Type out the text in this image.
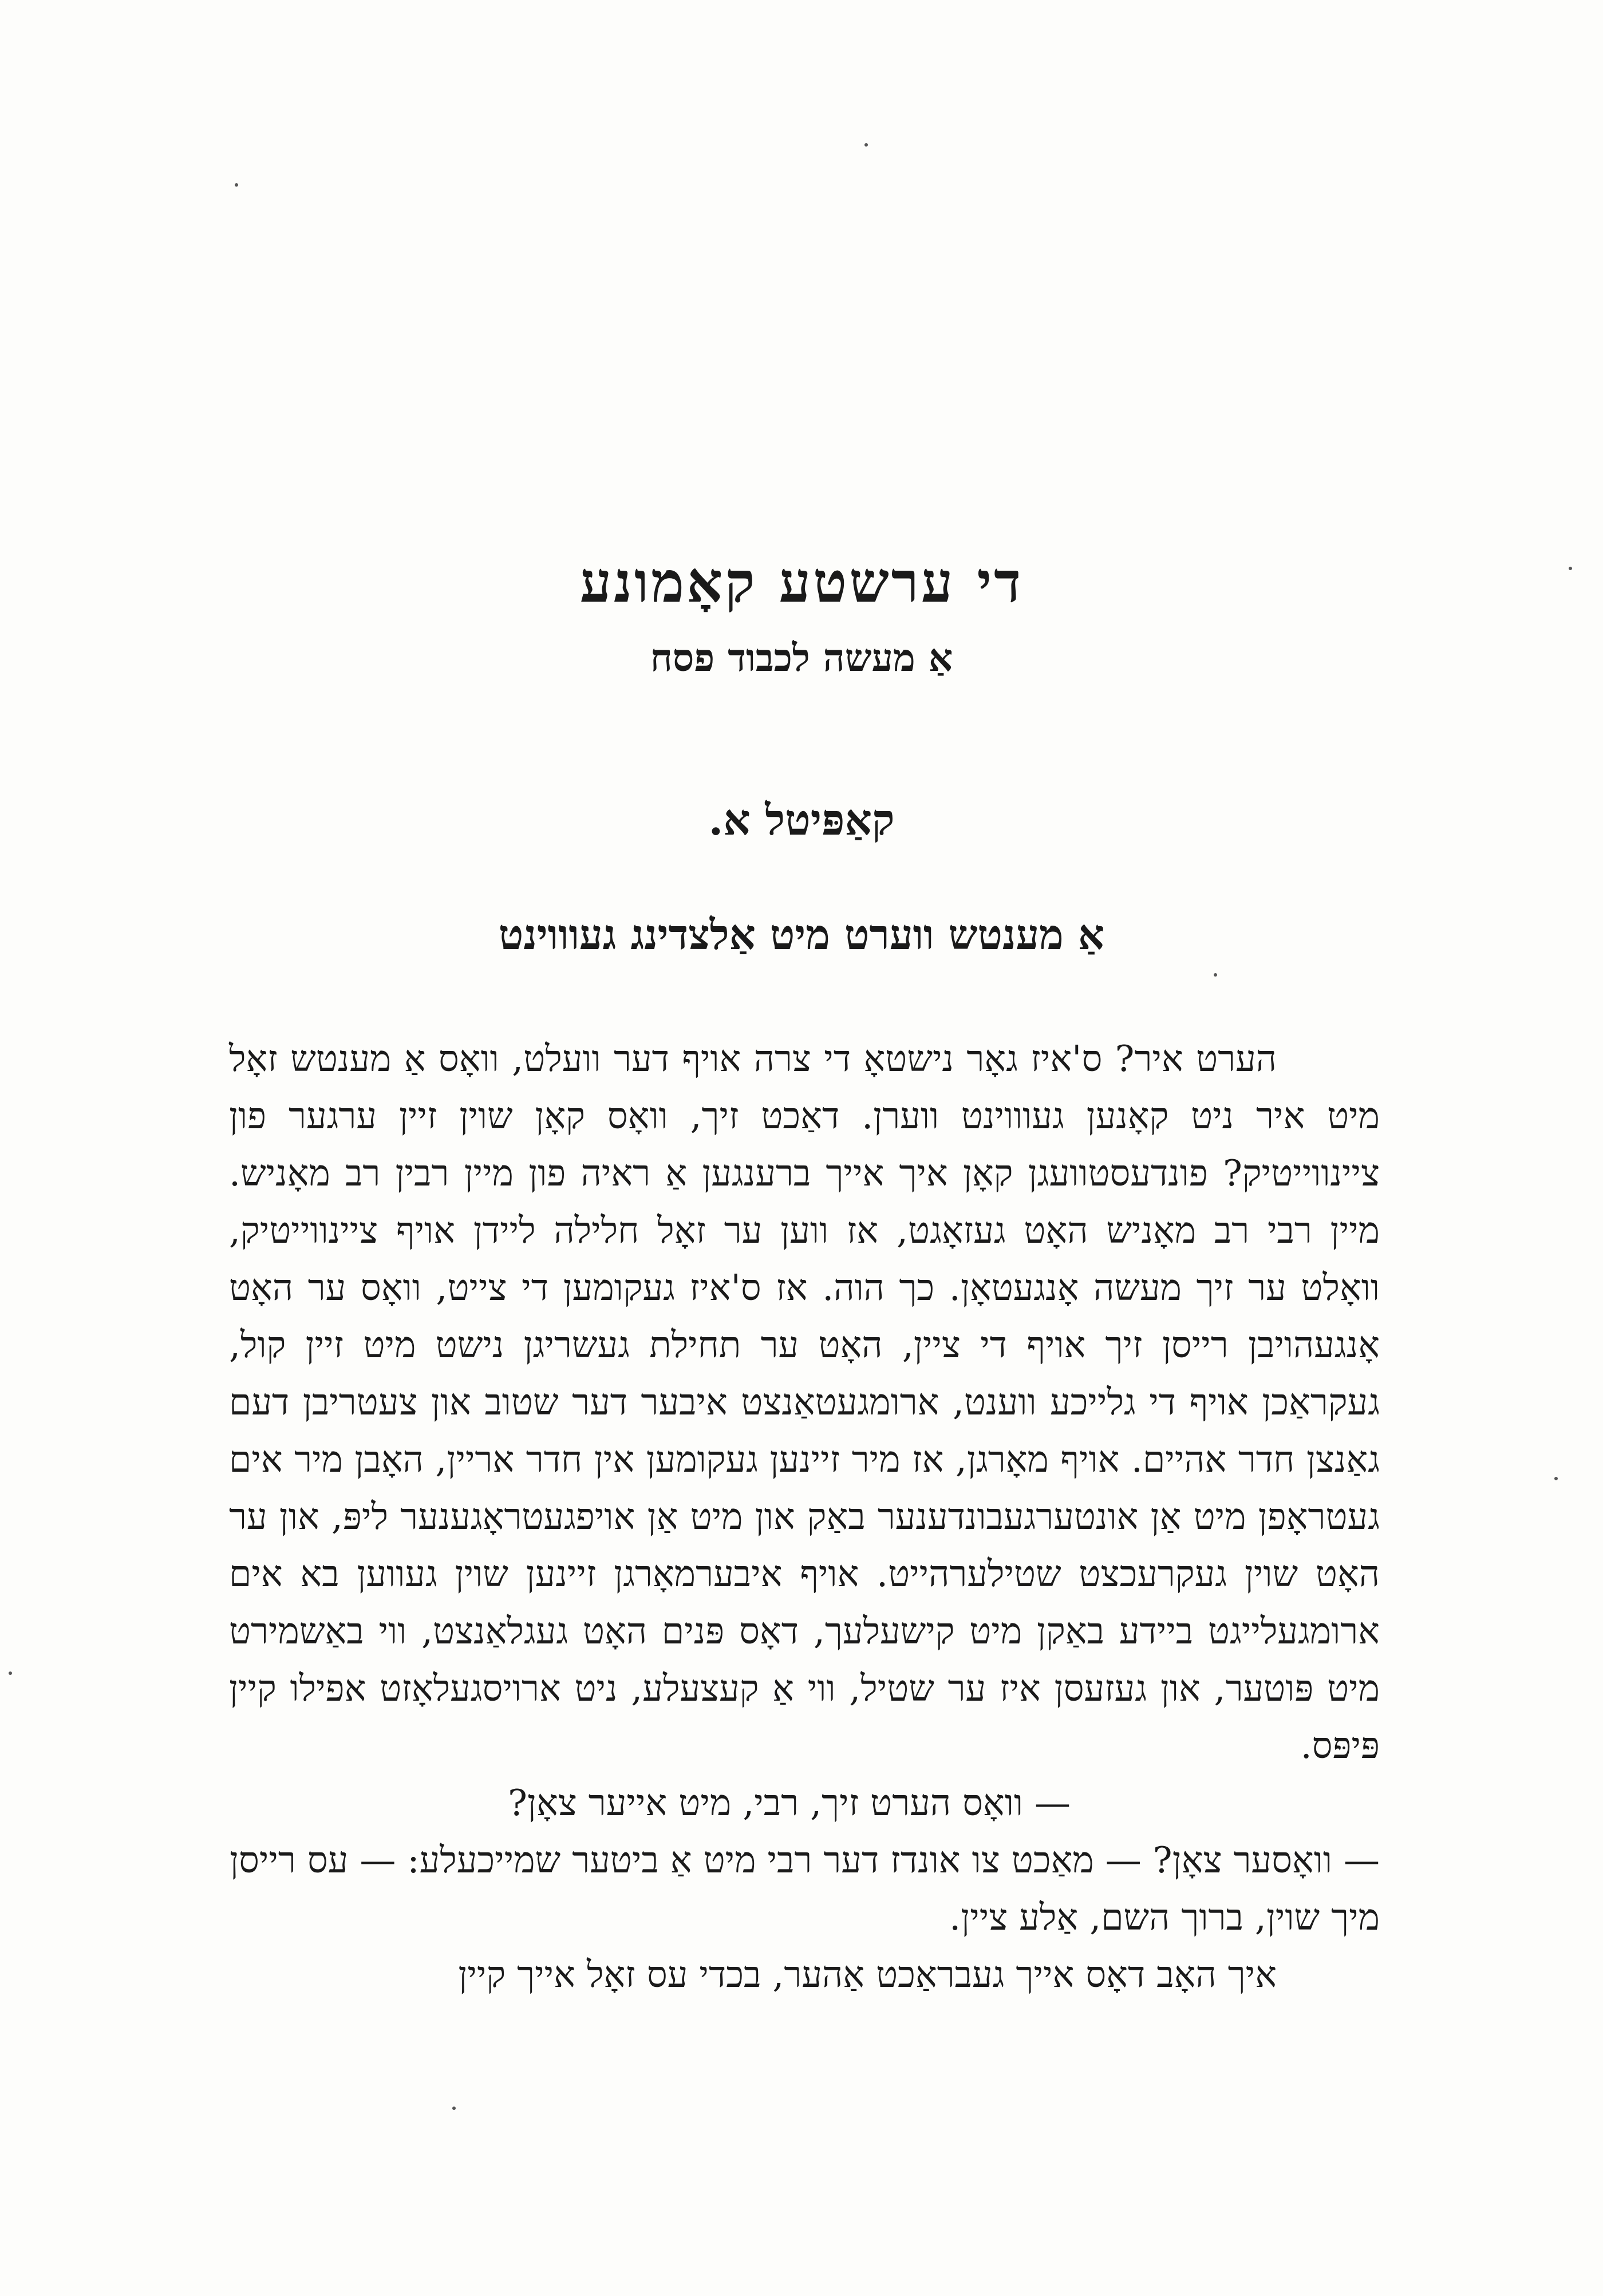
די ערשטע קאָמונע
אַ מעשה לכבוד פסח
קאַפּיטל א.
אַ מענטש ווערט מיט אַלצדינג געוווינט

הערט איר? ס'איז גאָר נישטאָ די צרה אויף דער וועלט, וואָס אַ מענטש זאָל מיט איר ניט קאָנען געוווינט ווערן. דאַכט זיך, וואָס קאָן שוין זיין ערגער פון ציינווייטיק? פונדעסטוועגן קאָן איך אייך ברענגען אַ ראיה פון מיין רבין רב מאָניש. מיין רבי רב מאָניש האָט געזאָגט, אז ווען ער זאָל חלילה ליידן אויף ציינווייטיק, וואָלט ער זיך מעשה אָנגעטאָן. כך הוה. אז ס'איז געקומען די צייט, וואָס ער האָט אָנגעהויבן רייסן זיך אויף די ציין, האָט ער תחילת געשריגן נישט מיט זיין קול, געקראַכן אויף די גלייכע ווענט, ארומגעטאַנצט איבער דער שטוב און צעטריבן דעם גאַנצן חדר אהיים. אויף מאָרגן, אז מיר זיינען געקומען אין חדר אריין, האָבן מיר אים געטראָפן מיט אַן אונטערגעבונדענער באַק און מיט אַן אויפגעטראָגענער ליפּ, און ער האָט שוין געקרעכצט שטילערהייט. אויף איבערמאָרגן זיינען שוין געווען בא אים ארומגעלייגט ביידע באַקן מיט קישעלעך, דאָס פּנים האָט געגלאַנצט, ווי באַשמירט מיט פּוטער, און געזעסן איז ער שטיל, ווי אַ קעצעלע, ניט ארויסגעלאָזט אפילו קיין פּיפּס.

— וואָס הערט זיך, רבי, מיט אייער צאָן?

— וואָסער צאָן? — מאַכט צו אונדז דער רבי מיט אַ ביטער שמייכעלע: — עס רייסן מיך שוין, ברוך השם, אַלע ציין.

איך האָב דאָס אייך געבראַכט אַהער, בכדי עס זאָל אייך קיין
